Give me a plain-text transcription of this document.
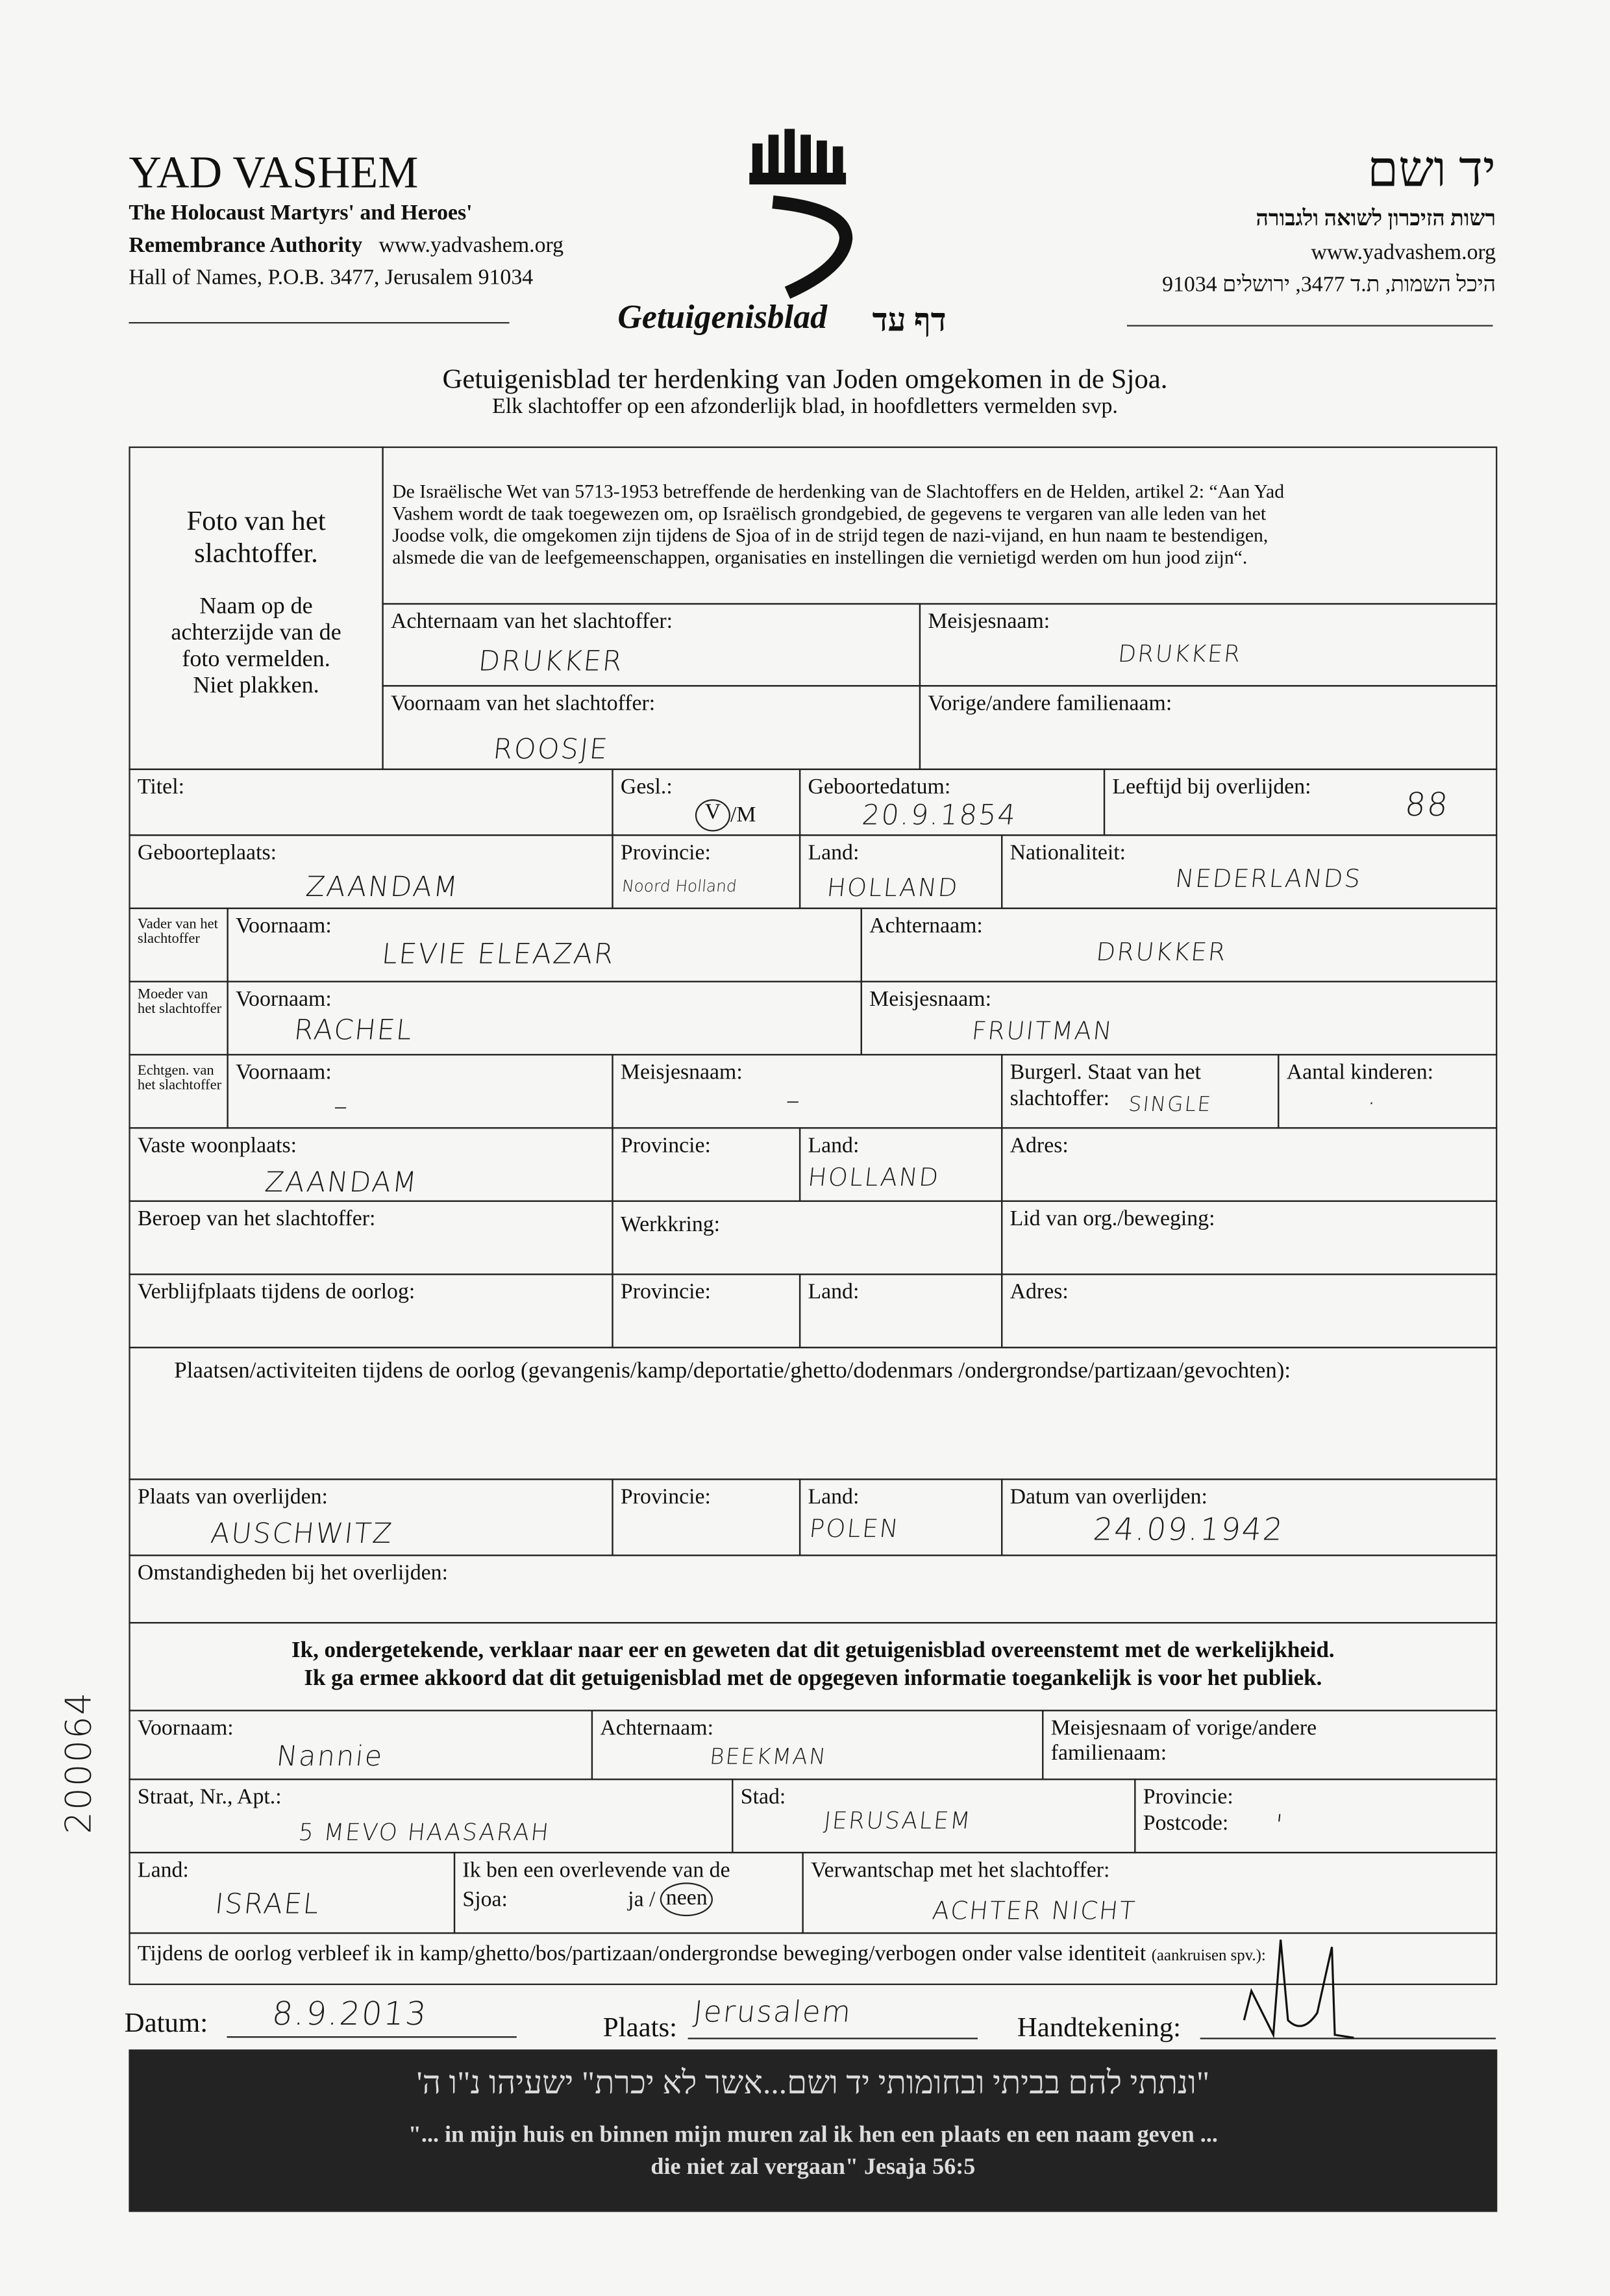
YAD VASHEM
The Holocaust Martyrs' and Heroes'
Remembrance Authority www.yadvashem.org
Hall of Names, P.O.B. 3477, Jerusalem 91034
Getuigenisblad	דף עד
יד ושם
רשות הזיכרון לשואה ולגבורה
www.yadvashem.org
היכל השמות, ת.ד 3477, ירושלים 91034
Getuigenisblad ter herdenking van Joden omgekomen in de Sjoa.
Elk slachtoffer op een afzonderlijk blad, in hoofdletters vermelden svp.
Foto van het
slachtoffer.
Naam op de
achterzijde van de
foto vermelden.
Niet plakken.
De Israëlische Wet van 5713-1953 betreffende de herdenking van de Slachtoffers en de Helden, artikel 2: “Aan Yad
Vashem wordt de taak toegewezen om, op Israëlisch grondgebied, de gegevens te vergaren van alle leden van het
Joodse volk, die omgekomen zijn tijdens de Sjoa of in de strijd tegen de nazi-vijand, en hun naam te bestendigen,
alsmede die van de leefgemeenschappen, organisaties en instellingen die vernietigd werden om hun jood zijn“.
Achternaam van het slachtoffer:
DRUKKER
Meisjesnaam:
DRUKKER
Voornaam van het slachtoffer:
ROOSJE
Vorige/andere familienaam:
Titel:	Gesl.:
V /M
Geboortedatum:
20.9.1854
Leeftijd bij overlijden:	88
Geboorteplaats:
ZAANDAM
Provincie:
Noord Holland
Land:
HOLLAND
Nationaliteit:
NEDERLANDS
Vader van het slachtoffer
Voornaam:
LEVIE ELEAZAR
Achternaam:
DRUKKER
Moeder van het slachtoffer	Voornaam:
RACHEL
Meisjesnaam:
FRUITMAN
Echtgen. van het slachtoffer
Voornaam:
–
Meisjesnaam:
–
Burgerl. Staat van het
slachtoffer: SINGLE
Aantal kinderen:
·
Vaste woonplaats:
ZAANDAM
Provincie:	Land:
HOLLAND
Adres:
Beroep van het slachtoffer:	Werkkring:	Lid van org./beweging:
Verblijfplaats tijdens de oorlog:	Provincie:	Land:	Adres:
Plaatsen/activiteiten tijdens de oorlog (gevangenis/kamp/deportatie/ghetto/dodenmars /ondergrondse/partizaan/gevochten):
Plaats van overlijden:
AUSCHWITZ
Provincie:	Land:
POLEN
Datum van overlijden:
24.09.1942
Omstandigheden bij het overlijden:
Ik, ondergetekende, verklaar naar eer en geweten dat dit getuigenisblad overeenstemt met de werkelijkheid.
Ik ga ermee akkoord dat dit getuigenisblad met de opgegeven informatie toegankelijk is voor het publiek.
Voornaam:
Nannie
Achternaam:
BEEKMAN
Meisjesnaam of vorige/andere
familienaam:
Straat, Nr., Apt.:
5 MEVO HAASARAH
Stad:
JERUSALEM
Provincie:
Postcode:	'
Land:
ISRAEL
Ik ben een overlevende van de
Sjoa:	ja /	neen
Verwantschap met het slachtoffer:
ACHTER NICHT
Tijdens de oorlog verbleef ik in kamp/ghetto/bos/partizaan/ondergrondse beweging/verbogen onder valse identiteit (aankruisen spv.):
Datum:	8.9.2013	Plaats: Jerusalem	Handtekening:
"ונתתי להם בביתי ובחומותי יד ושם...אשר לא יכרת" ישעיהו נ"ו ה'
"... in mijn huis en binnen mijn muren zal ik hen een plaats en een naam geven ...
die niet zal vergaan" Jesaja 56:5
200064
